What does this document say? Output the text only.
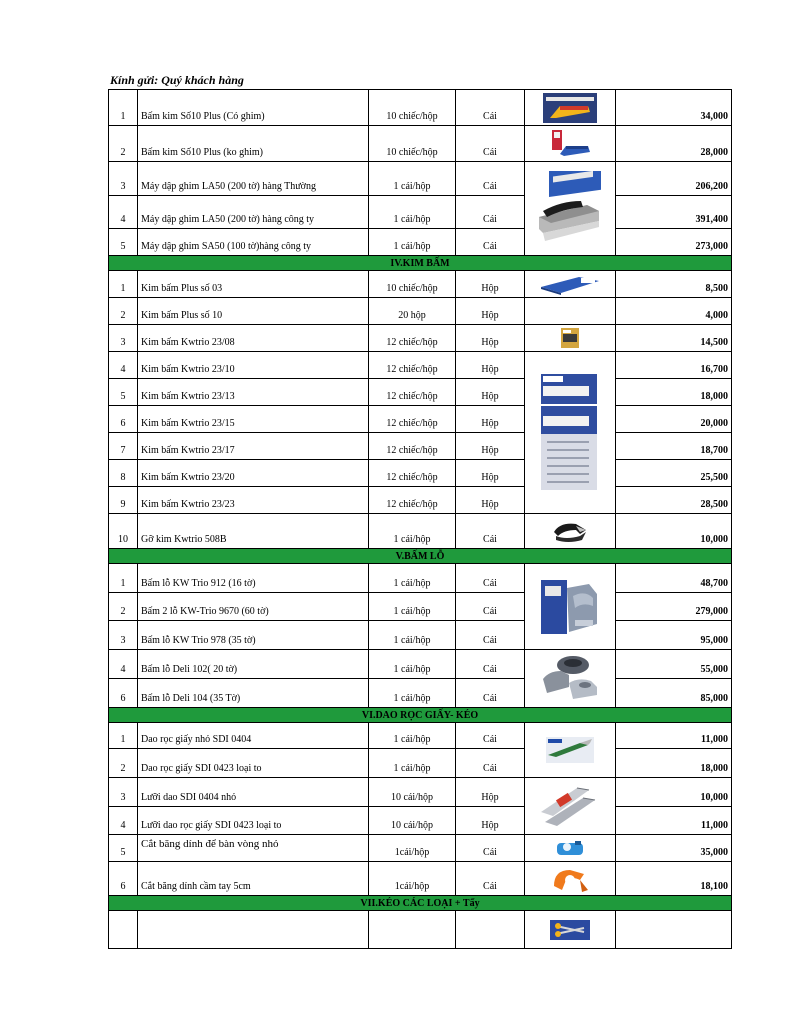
Kính gửi: Quý khách hàng
1	Bấm kim Số10 Plus (Có ghim)	10 chiếc/hộp	Cái		34,000
2	Bấm kim Số10 Plus (ko ghim)	10 chiếc/hộp	Cái		28,000
3	Máy dập ghim LA50 (200 tờ) hàng Thường	1 cái/hộp	Cái		206,200
4	Máy dập ghim LA50 (200 tờ) hàng công ty	1 cái/hộp	Cái		391,400
5	Máy dập ghim SA50 (100 tờ)hàng công ty	1 cái/hộp	Cái		273,000
IV.KIM BẤM					
1	Kim bấm Plus số 03	10 chiếc/hộp	Hộp		8,500
2	Kim bấm Plus số 10	20 hộp	Hộp		4,000
3	Kim bấm Kwtrio 23/08	12 chiếc/hộp	Hộp		14,500
4	Kim bấm Kwtrio 23/10	12 chiếc/hộp	Hộp		16,700
5	Kim bấm Kwtrio 23/13	12 chiếc/hộp	Hộp		18,000
6	Kim bấm Kwtrio 23/15	12 chiếc/hộp	Hộp		20,000
7	Kim bấm Kwtrio 23/17	12 chiếc/hộp	Hộp		18,700
8	Kim bấm Kwtrio 23/20	12 chiếc/hộp	Hộp		25,500
9	Kim bấm Kwtrio 23/23	12 chiếc/hộp	Hộp		28,500
10	Gỡ kim Kwtrio 508B	1 cái/hộp	Cái		10,000
V.BẤM LỖ					
1	Bấm lỗ KW Trio 912 (16 tờ)	1 cái/hộp	Cái		48,700
2	Bấm 2 lỗ KW-Trio 9670 (60 tờ)	1 cái/hộp	Cái		279,000
3	Bấm lỗ KW Trio 978 (35 tờ)	1 cái/hộp	Cái		95,000
4	Bấm lỗ Deli 102( 20 tờ)	1 cái/hộp	Cái		55,000
6	Bấm lỗ Deli 104 (35 Tờ)	1 cái/hộp	Cái		85,000
VI.DAO RỌC GIẤY- KÉO					
1	Dao rọc giấy nhỏ SDI 0404	1 cái/hộp	Cái		11,000
2	Dao rọc giấy SDI 0423 loại to	1 cái/hộp	Cái		18,000
3	Lưỡi dao SDI 0404 nhỏ	10 cái/hộp	Hộp		10,000
4	Lưỡi dao rọc giấy SDI 0423 loại to	10 cái/hộp	Hộp		11,000
5	Cắt băng dính để bàn vòng nhỏ	1cái/hộp	Cái		35,000
6	Cắt băng dính cầm tay 5cm	1cái/hộp	Cái		18,100
VII.KÉO CÁC LOẠI + Tẩy					
